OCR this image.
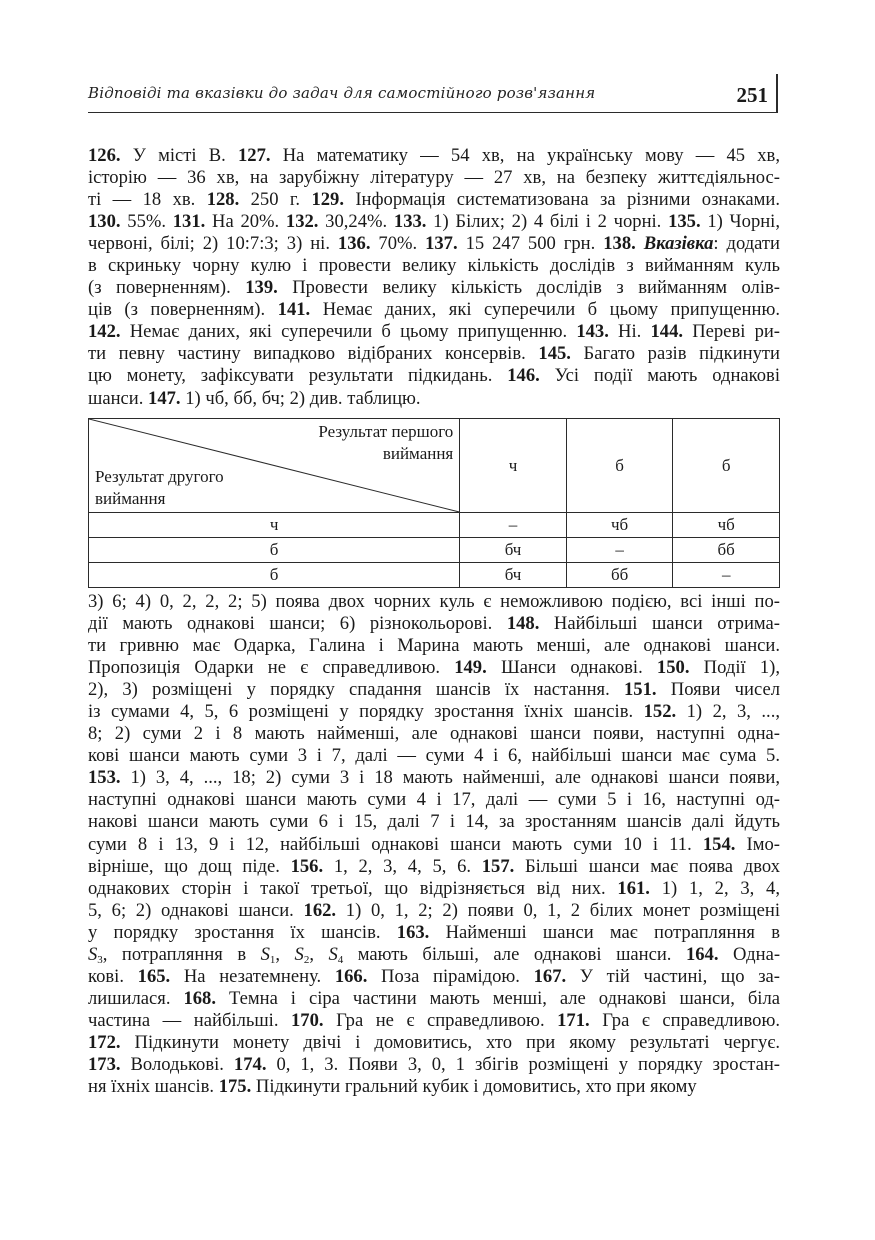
Відповіді та вказівки до задач для самостійного розв'язання	251
126. У місті В. 127. На математику — 54 хв, на українську мову — 45 хв,
історію — 36 хв, на зарубіжну літературу — 27 хв, на безпеку життєдіяльнос-
ті — 18 хв. 128. 250 г. 129. Інформація систематизована за різними ознаками.
130. 55%. 131. На 20%. 132. 30,24%. 133. 1) Білих; 2) 4 білі і 2 чорні. 135. 1) Чорні,
червоні, білі; 2) 10:7:3; 3) ні. 136. 70%. 137. 15 247 500 грн. 138. Вказівка: додати
в скриньку чорну кулю і провести велику кількість дослідів з вийманням куль
(з поверненням). 139. Провести велику кількість дослідів з вийманням олів-
ців (з поверненням). 141. Немає даних, які суперечили б цьому припущенню.
142. Немає даних, які суперечили б цьому припущенню. 143. Ні. 144. Переві ри-
ти певну частину випадково відібраних консервів. 145. Багато разів підкинути
цю монету, зафіксувати результати підкидань. 146. Усі події мають однакові
шанси. 147. 1) чб, бб, бч; 2) див. таблицю.
Результат першого
виймання
Результат другого
виймання	ч	б	б
ч	–	чб	чб
б	бч	–	бб
б	бч	бб	–
3) 6; 4) 0, 2, 2, 2; 5) поява двох чорних куль є неможливою подією, всі інші по-
дії мають однакові шанси; 6) різнокольорові. 148. Найбільші шанси отрима-
ти гривню має Одарка, Галина і Марина мають менші, але однакові шанси.
Пропозиція Одарки не є справедливою. 149. Шанси однакові. 150. Події 1),
2), 3) розміщені у порядку спадання шансів їх настання. 151. Появи чисел
із сумами 4, 5, 6 розміщені у порядку зростання їхніх шансів. 152. 1) 2, 3, ...,
8; 2) суми 2 і 8 мають найменші, але однакові шанси появи, наступні одна-
кові шанси мають суми 3 і 7, далі — суми 4 і 6, найбільші шанси має сума 5.
153. 1) 3, 4, ..., 18; 2) суми 3 і 18 мають найменші, але однакові шанси появи,
наступні однакові шанси мають суми 4 і 17, далі — суми 5 і 16, наступні од-
накові шанси мають суми 6 і 15, далі 7 і 14, за зростанням шансів далі йдуть
суми 8 і 13, 9 і 12, найбільші однакові шанси мають суми 10 і 11. 154. Імо-
вірніше, що дощ піде. 156. 1, 2, 3, 4, 5, 6. 157. Більші шанси має поява двох
однакових сторін і такої третьої, що відрізняється від них. 161. 1) 1, 2, 3, 4,
5, 6; 2) однакові шанси. 162. 1) 0, 1, 2; 2) появи 0, 1, 2 білих монет розміщені
у порядку зростання їх шансів. 163. Найменші шанси має потрапляння в
$S_3$, потрапляння в $S_1$, $S_2$, $S_4$ мають більші, але однакові шанси. 164. Одна-
кові. 165. На незатемнену. 166. Поза пірамідою. 167. У тій частині, що за-
лишилася. 168. Темна і сіра частини мають менші, але однакові шанси, біла
частина — найбільші. 170. Гра не є справедливою. 171. Гра є справедливою.
172. Підкинути монету двічі і домовитись, хто при якому результаті чергує.
173. Володькові. 174. 0, 1, 3. Появи 3, 0, 1 збігів розміщені у порядку зростан-
ня їхніх шансів. 175. Підкинути гральний кубик і домовитись, хто при якому
